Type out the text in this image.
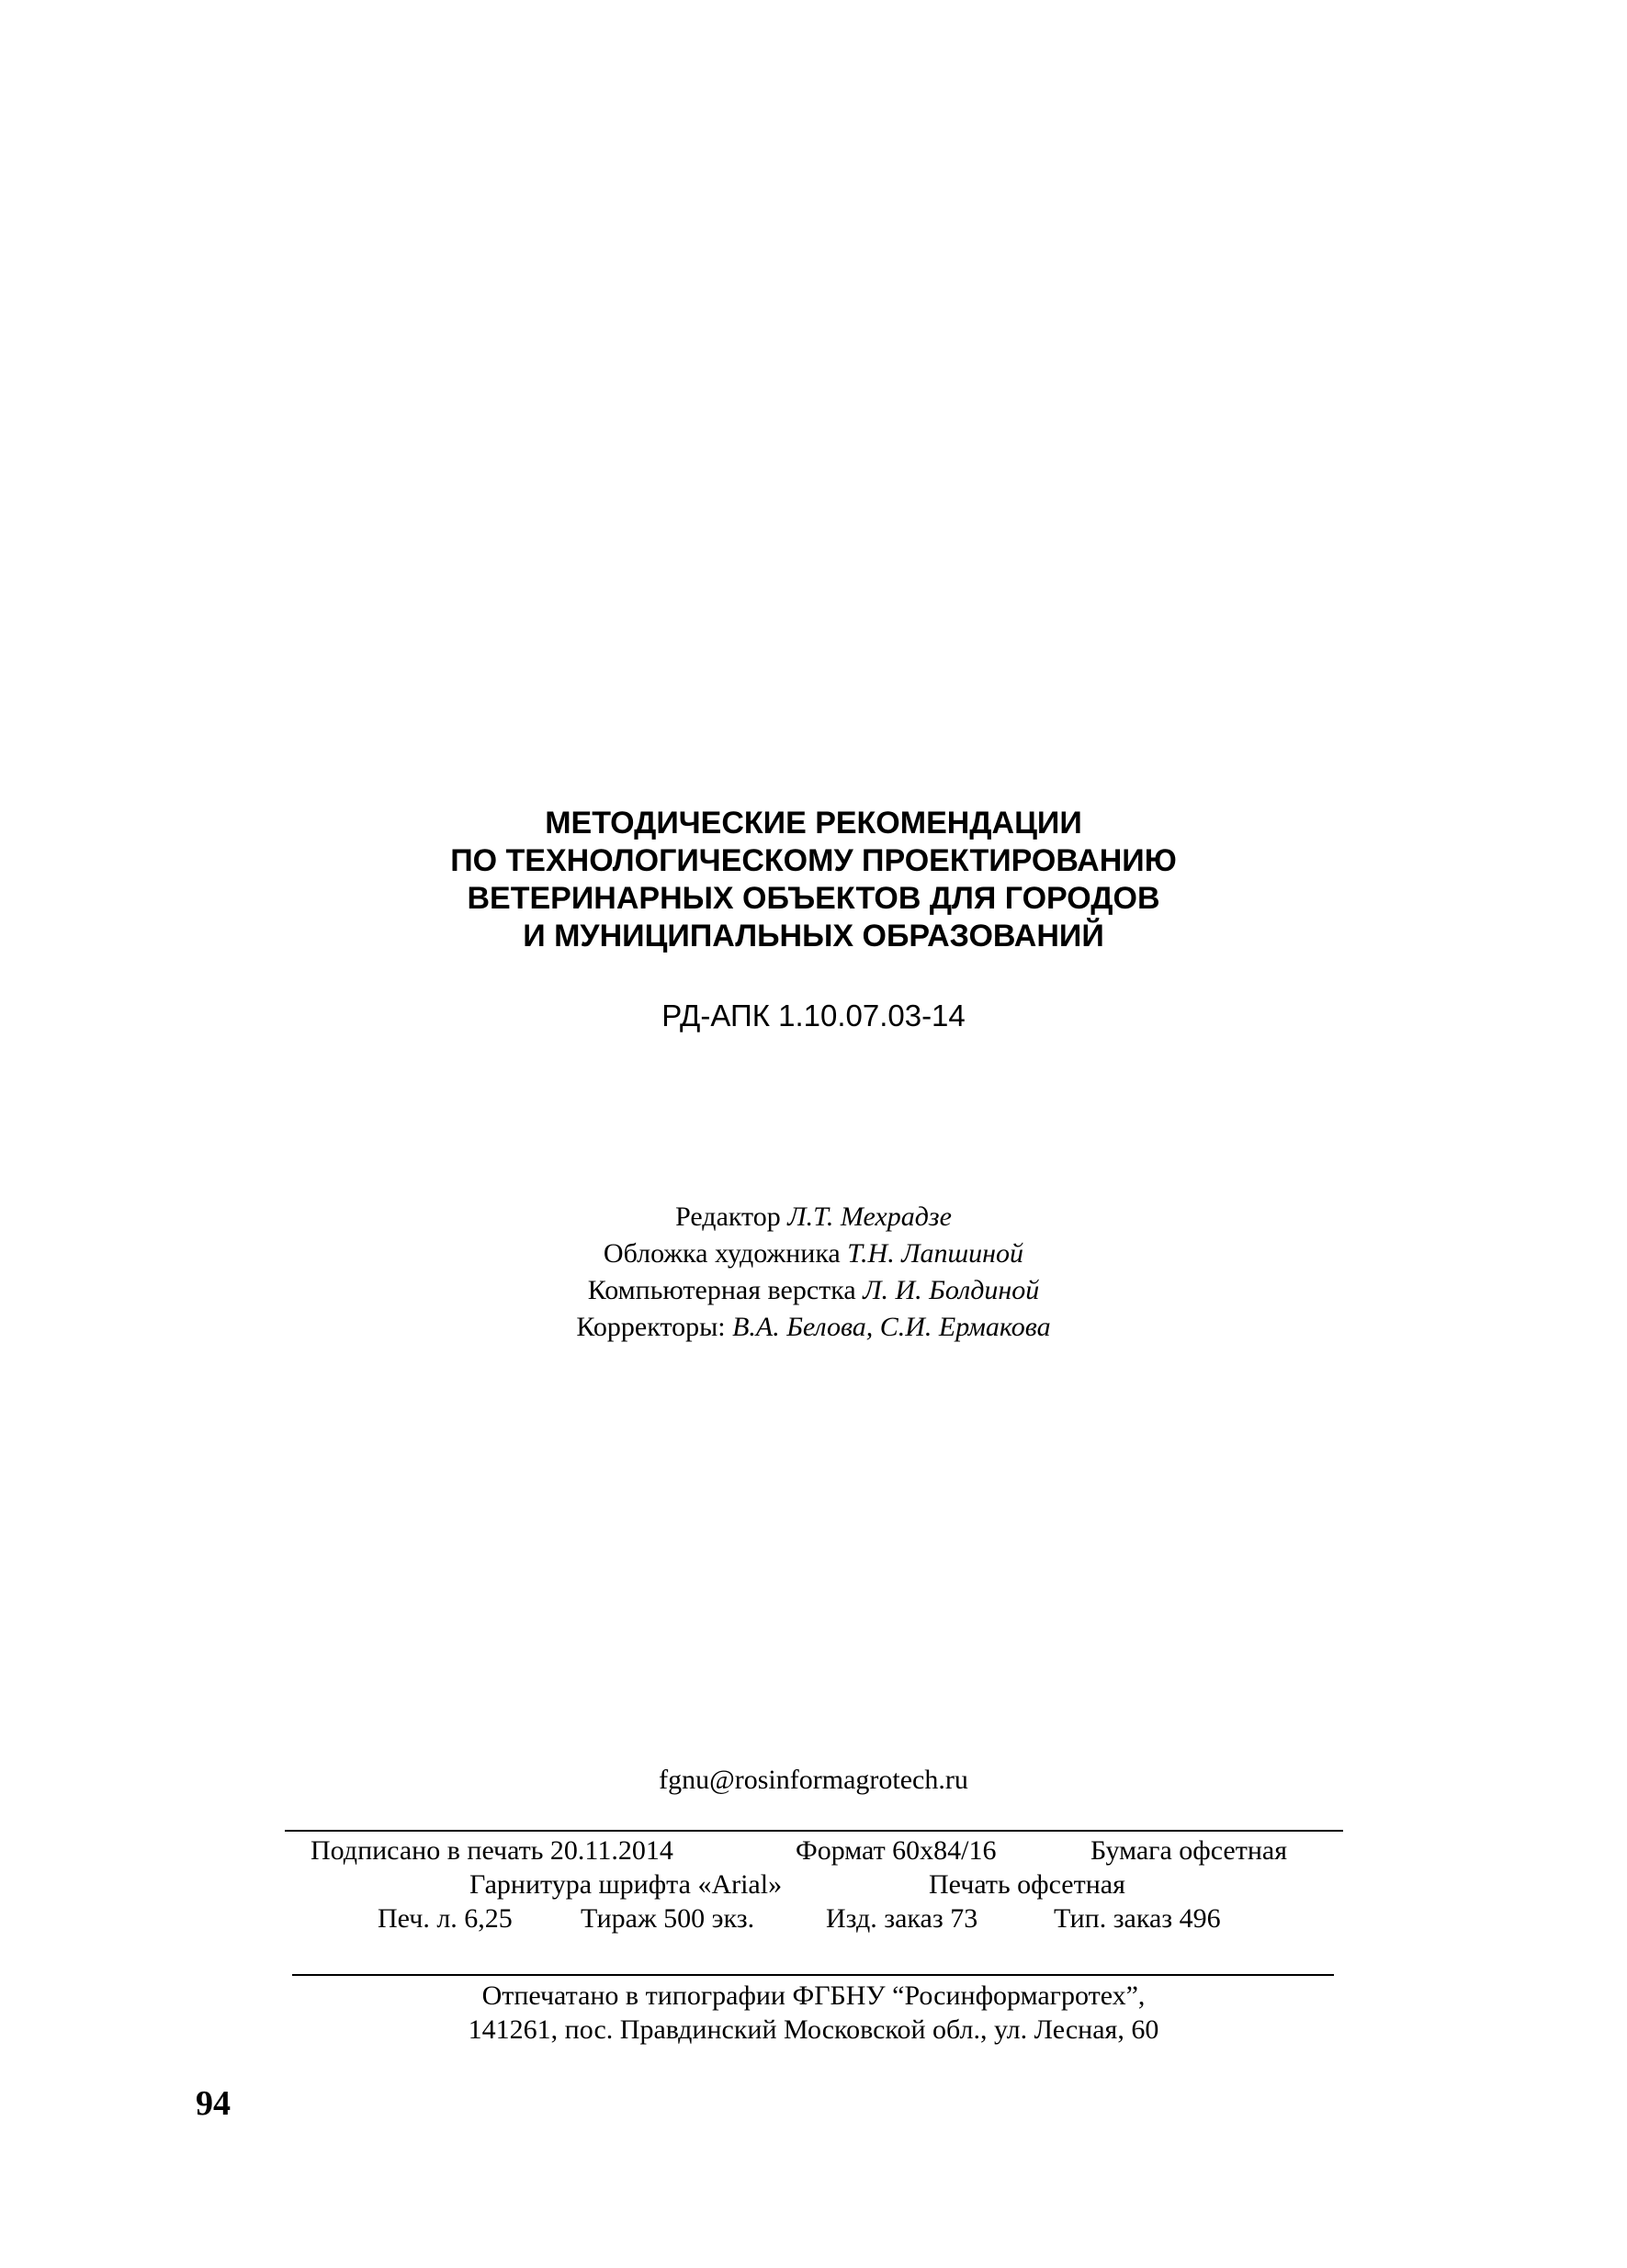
МЕТОДИЧЕСКИЕ РЕКОМЕНДАЦИИ
ПО ТЕХНОЛОГИЧЕСКОМУ ПРОЕКТИРОВАНИЮ
ВЕТЕРИНАРНЫХ ОБЪЕКТОВ ДЛЯ ГОРОДОВ
И МУНИЦИПАЛЬНЫХ ОБРАЗОВАНИЙ
РД-АПК 1.10.07.03-14
Редактор Л.Т. Мехрадзе
Обложка художника Т.Н. Лапшиной
Компьютерная верстка Л. И. Болдиной
Корректоры: В.А. Белова, С.И. Ермакова
fgnu@rosinformagrotech.ru
Подписано в печать 20.11.2014	Формат 60x84/16	Бумага офсетная
Гарнитура шрифта «Arial»	Печать офсетная
Печ. л. 6,25 Тираж 500 экз.	Изд. заказ 73	Тип. заказ 496
Отпечатано в типографии ФГБНУ “Росинформагротех”,
141261, пос. Правдинский Московской обл., ул. Лесная, 60
94
